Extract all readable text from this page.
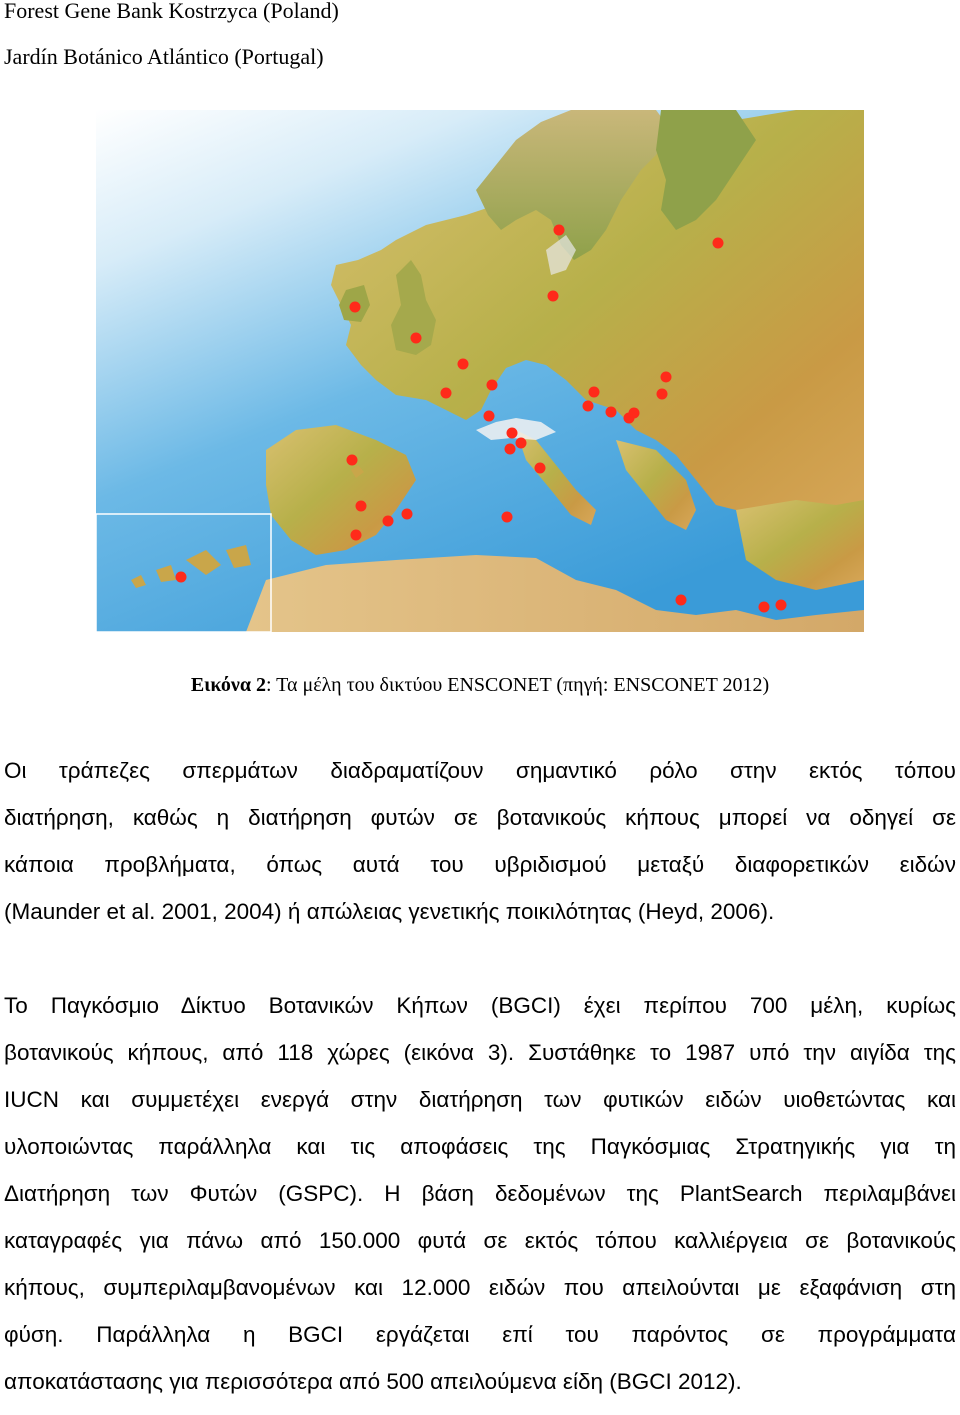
Forest Gene Bank Kostrzyca (Poland)
Jardín Botánico Atlántico (Portugal)
Εικόνα 2: Τα μέλη του δικτύου ENSCONET (πηγή: ENSCONET 2012)
Οι τράπεζες σπερμάτων διαδραματίζουν σημαντικό ρόλο στην εκτός τόπου
διατήρηση, καθώς η διατήρηση φυτών σε βοτανικούς κήπους μπορεί να οδηγεί σε
κάποια προβλήματα, όπως αυτά του υβριδισμού μεταξύ διαφορετικών ειδών
(Maunder et al. 2001, 2004) ή απώλειας γενετικής ποικιλότητας (Heyd, 2006).
Το Παγκόσμιο Δίκτυο Βοτανικών Κήπων (BGCI) έχει περίπου 700 μέλη, κυρίως
βοτανικούς κήπους, από 118 χώρες (εικόνα 3). Συστάθηκε το 1987 υπό την αιγίδα της
IUCN και συμμετέχει ενεργά στην διατήρηση των φυτικών ειδών υιοθετώντας και
υλοποιώντας παράλληλα και τις αποφάσεις της Παγκόσμιας Στρατηγικής για τη
Διατήρηση των Φυτών (GSPC). Η βάση δεδομένων της PlantSearch περιλαμβάνει
καταγραφές για πάνω από 150.000 φυτά σε εκτός τόπου καλλιέργεια σε βοτανικούς
κήπους, συμπεριλαμβανομένων και 12.000 ειδών που απειλούνται με εξαφάνιση στη
φύση. Παράλληλα η BGCI εργάζεται επί του παρόντος σε προγράμματα
αποκατάστασης για περισσότερα από 500 απειλούμενα είδη (BGCI 2012).
